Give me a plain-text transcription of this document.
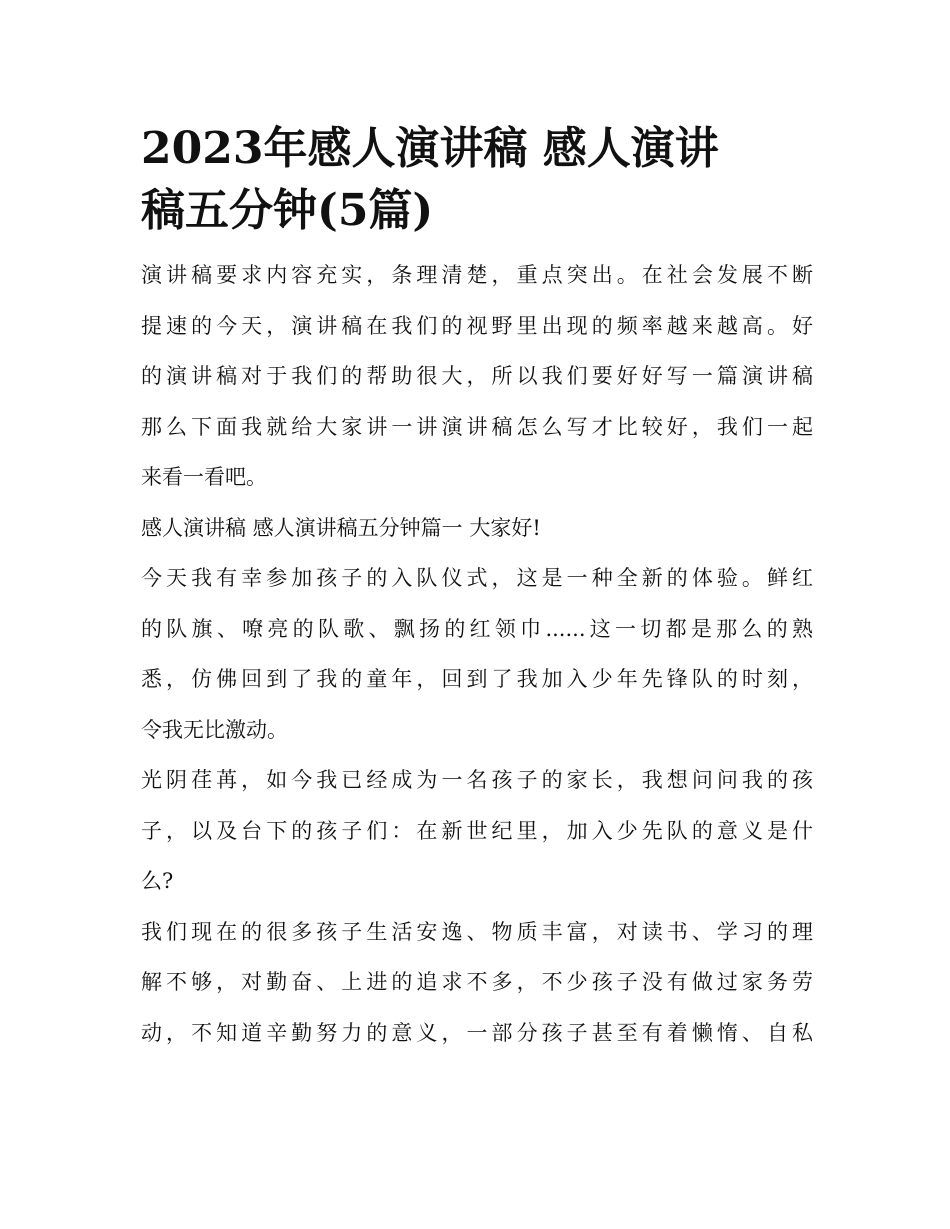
2023年感人演讲稿 感人演讲
稿五分钟(5篇)

演讲稿要求内容充实，条理清楚，重点突出。在社会发展不断
提速的今天，演讲稿在我们的视野里出现的频率越来越高。好
的演讲稿对于我们的帮助很大，所以我们要好好写一篇演讲稿
那么下面我就给大家讲一讲演讲稿怎么写才比较好，我们一起
来看一看吧。

感人演讲稿 感人演讲稿五分钟篇一 大家好!

今天我有幸参加孩子的入队仪式，这是一种全新的体验。鲜红
的队旗、嘹亮的队歌、飘扬的红领巾......这一切都是那么的熟
悉，仿佛回到了我的童年，回到了我加入少年先锋队的时刻，
令我无比激动。

光阴荏苒，如今我已经成为一名孩子的家长，我想问问我的孩
子，以及台下的孩子们：在新世纪里，加入少先队的意义是什
么?

我们现在的很多孩子生活安逸、物质丰富，对读书、学习的理
解不够，对勤奋、上进的追求不多，不少孩子没有做过家务劳
动，不知道辛勤努力的意义，一部分孩子甚至有着懒惰、自私
